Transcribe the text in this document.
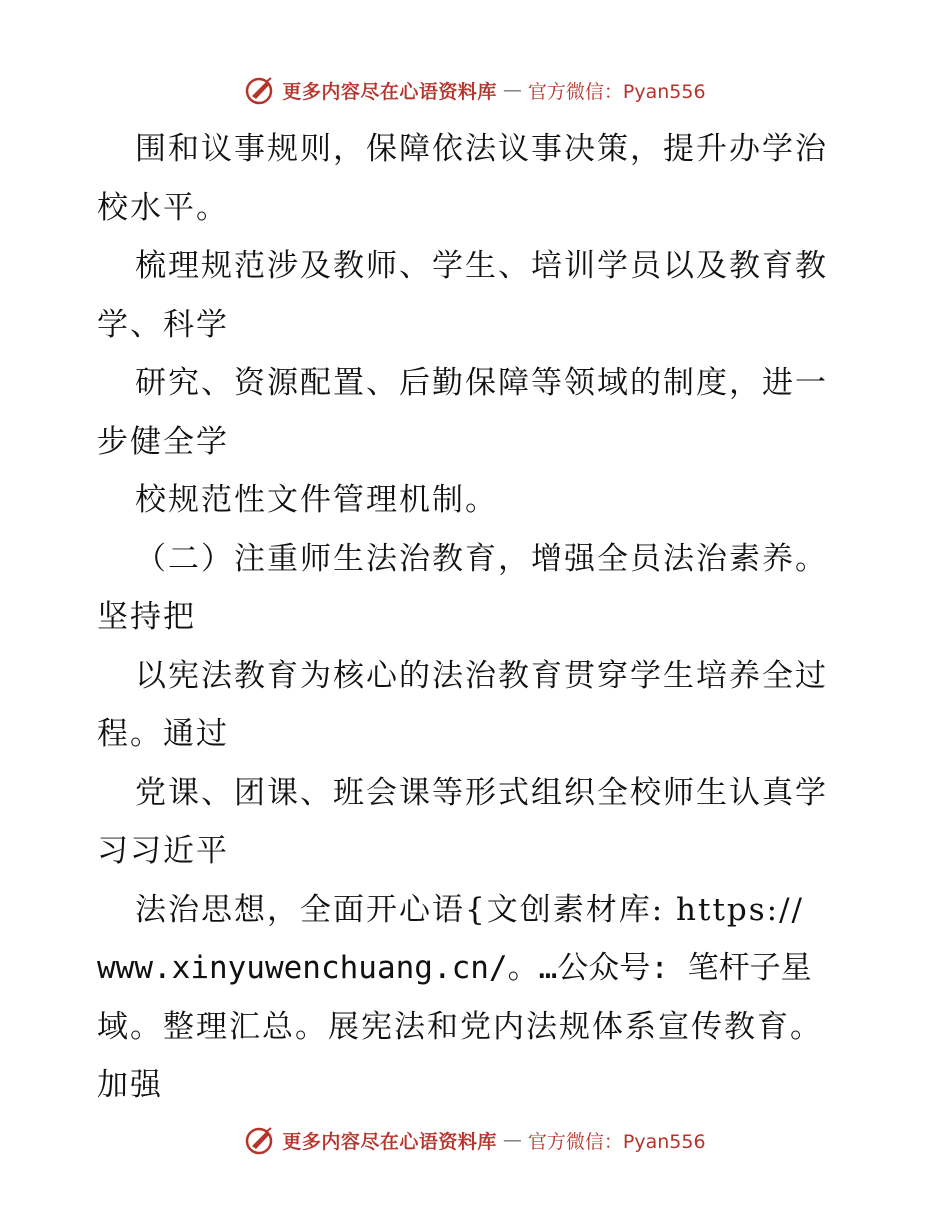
更多内容尽在心语资料库 — 官方微信：Pyan556
围和议事规则，保障依法议事决策，提升办学治
校水平。
梳理规范涉及教师、学生、培训学员以及教育教
学、科学
研究、资源配置、后勤保障等领域的制度，进一
步健全学
校规范性文件管理机制。
（二）注重师生法治教育，增强全员法治素养。
坚持把
以宪法教育为核心的法治教育贯穿学生培养全过
程。通过
党课、团课、班会课等形式组织全校师生认真学
习习近平
法治思想，全面开心语{文创素材库: https://
www.xinyuwenchuang.cn/。…公众号: 笔杆子星
域。整理汇总。展宪法和党内法规体系宣传教育。
加强
更多内容尽在心语资料库 — 官方微信：Pyan556
